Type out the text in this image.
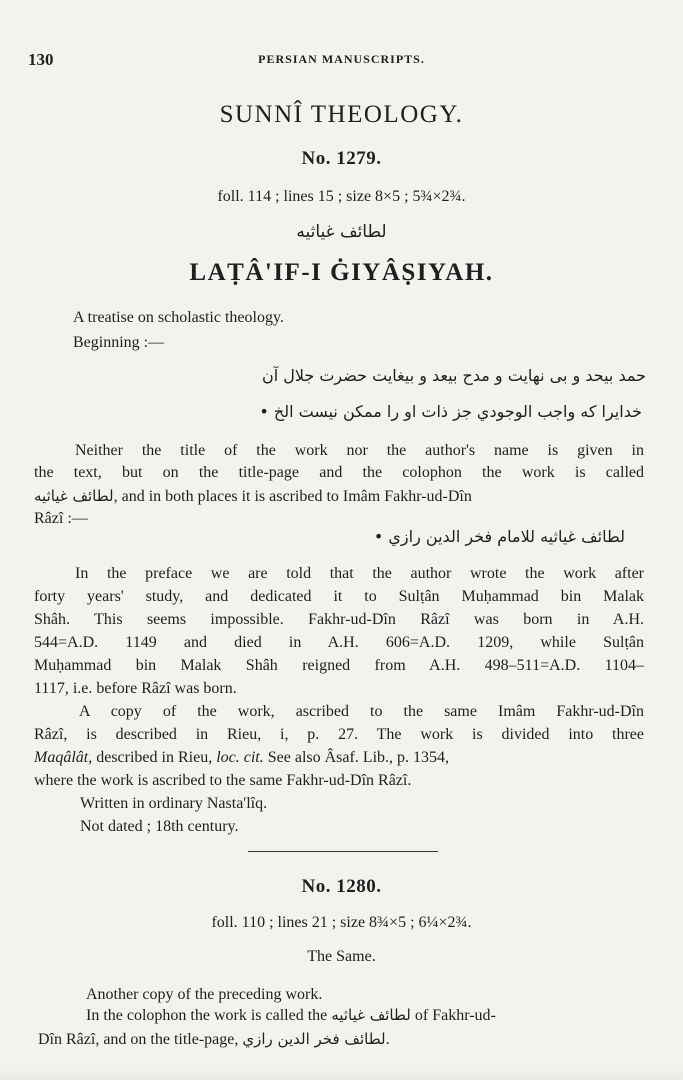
130	PERSIAN MANUSCRIPTS.
SUNNÎ THEOLOGY.
No. 1279.
foll. 114 ; lines 15 ; size 8×5 ; 5¾×2¾.
لطائف غياثيه
LAṬÂ'IF-I ĠIYÂṢIYAH.
A treatise on scholastic theology.
Beginning :—
حمد بيحد و بی نهایت و مدح بيعد و بيغايت حضرت جلال آن
خدايرا كه واجب الوجودي جز ذات او را ممكن نيست الخ •
Neither the title of the work nor the author's name is given in
the text, but on the title-page and the colophon the work is called
لطائف غياثيه, and in both places it is ascribed to Imâm Fakhr-ud-Dîn
Râzî :—
لطائف غياثيه للامام فخر الدين رازي •
In the preface we are told that the author wrote the work after
forty years' study, and dedicated it to Sulṭân Muḥammad bin Malak
Shâh. This seems impossible. Fakhr-ud-Dîn Râzî was born in A.H.
544=A.D. 1149 and died in A.H. 606=A.D. 1209, while Sulṭân
Muḥammad bin Malak Shâh reigned from A.H. 498–511=A.D. 1104–
1117, i.e. before Râzî was born.
A copy of the work, ascribed to the same Imâm Fakhr-ud-Dîn
Râzî, is described in Rieu, i, p. 27. The work is divided into three
Maqâlât, described in Rieu, loc. cit. See also Âsaf. Lib., p. 1354,
where the work is ascribed to the same Fakhr-ud-Dîn Râzî.
Written in ordinary Nasta'lîq.
Not dated ; 18th century.
No. 1280.
foll. 110 ; lines 21 ; size 8¾×5 ; 6¼×2¾.
The Same.
Another copy of the preceding work.
In the colophon the work is called the لطائف غياثيه of Fakhr-ud-
Dîn Râzî, and on the title-page, لطائف فخر الدين رازي.
